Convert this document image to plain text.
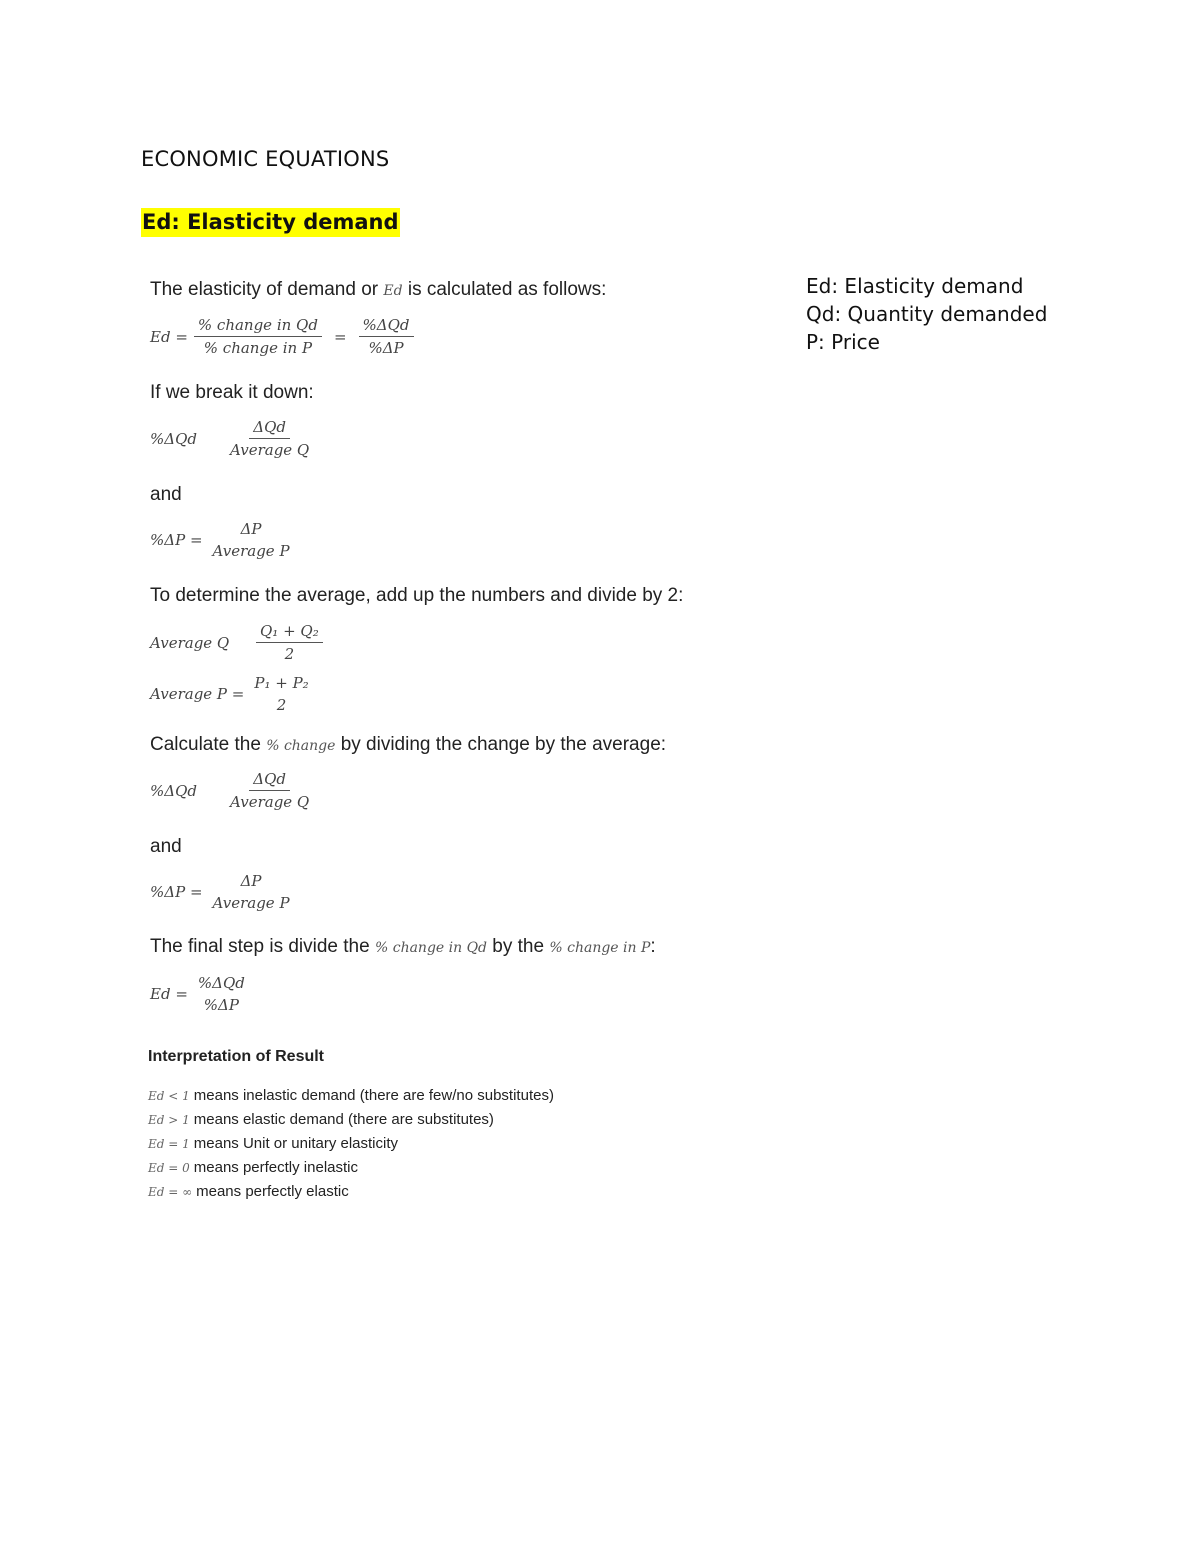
ECONOMIC EQUATIONS
Ed: Elasticity demand
Ed: Elasticity demand
Qd: Quantity demanded
P: Price
The elasticity of demand or Ed is calculated as follows:
$Ed = \frac{\text{\% change in Qd}}{\text{\% change in P}} = \frac{\text{\%ΔQd}}{\%\Delta P}$
If we break it down:
%ΔQd	$\frac{\text{ΔQd}}{\text{Average Q}}$
and
%ΔP =
ΔP
Average P
To determine the average, add up the numbers and divide by 2:
Average Q	$\frac{\text{Q₁ + Q₂}}{2}$
Average P =
P₁ + P₂
2
Calculate the % change by dividing the change by the average:
%ΔQd	$\frac{\text{ΔQd}}{\text{Average Q}}$
and
%ΔP =
ΔP
Average P
The final step is divide the % change in Qd by the % change in P:
Ed =
%ΔQd
%ΔP
Interpretation of Result
Ed < 1 means inelastic demand (there are few/no substitutes)
Ed > 1 means elastic demand (there are substitutes)
Ed = 1 means Unit or unitary elasticity
Ed = 0 means perfectly inelastic
Ed = ∞ means perfectly elastic
